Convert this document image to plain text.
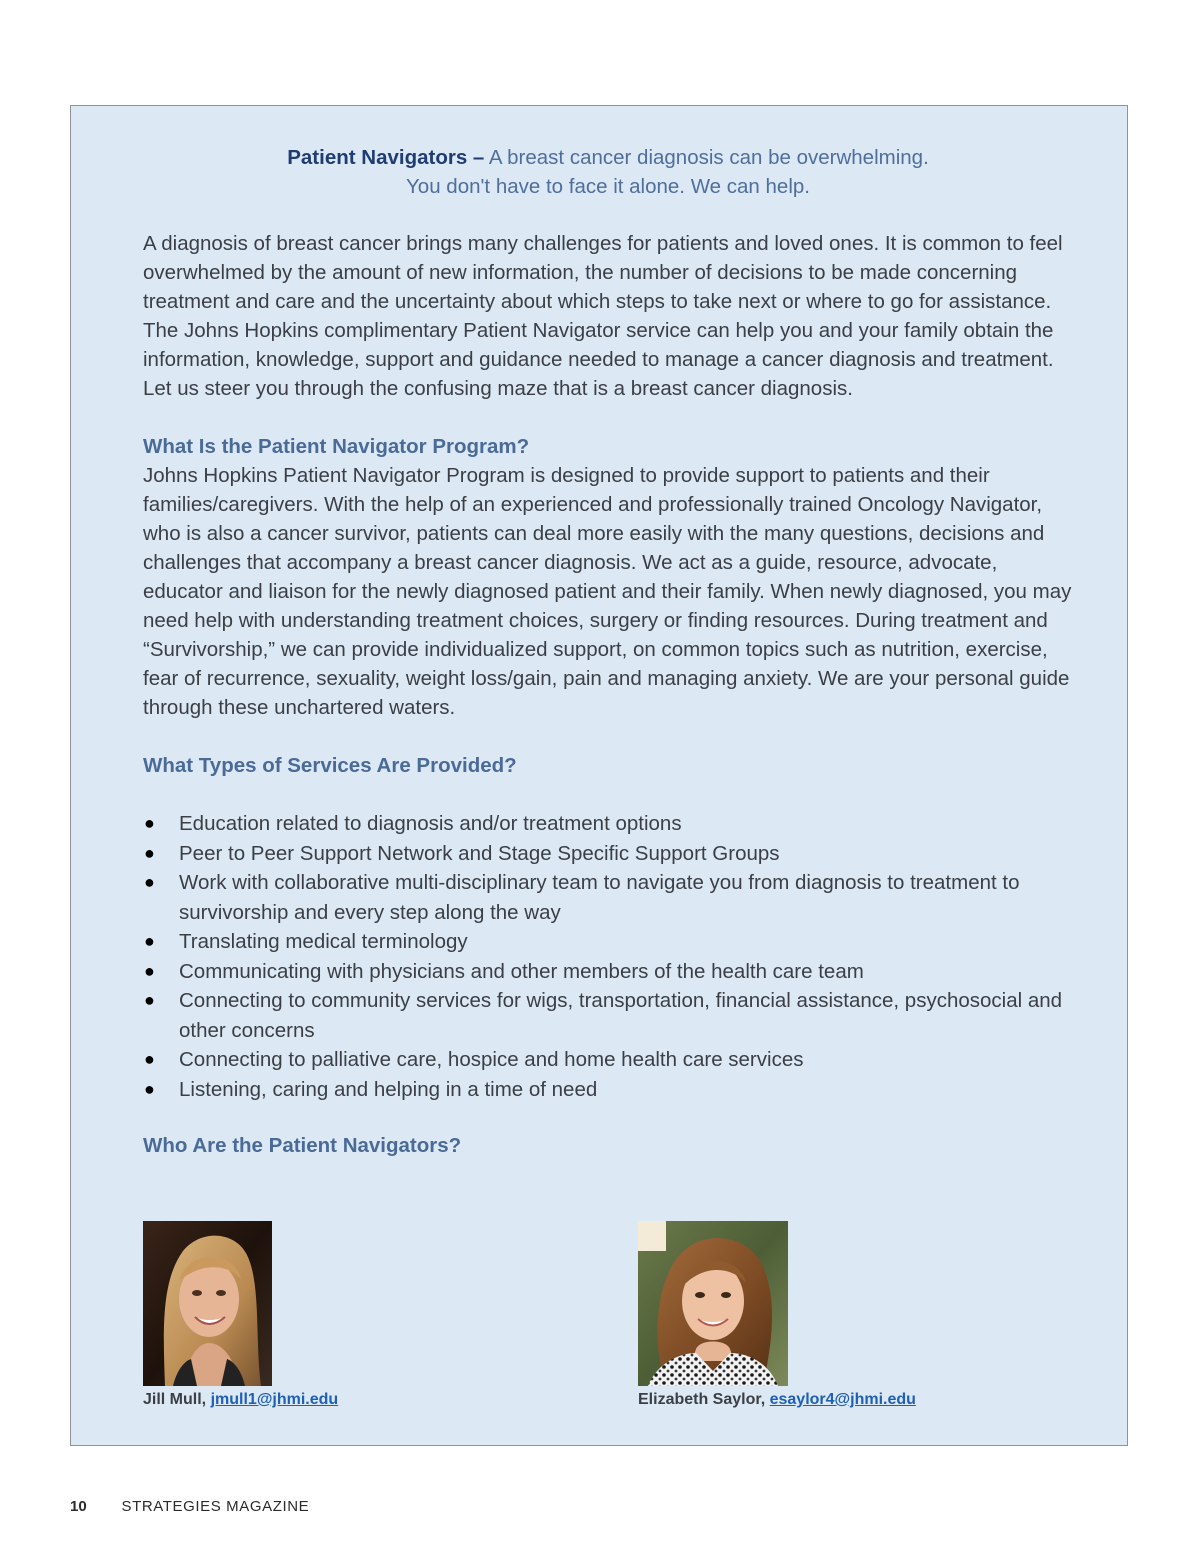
Patient Navigators – A breast cancer diagnosis can be overwhelming.
You don't have to face it alone. We can help.

A diagnosis of breast cancer brings many challenges for patients and loved ones. It is common to feel overwhelmed by the amount of new information, the number of decisions to be made concerning treatment and care and the uncertainty about which steps to take next or where to go for assistance. The Johns Hopkins complimentary Patient Navigator service can help you and your family obtain the information, knowledge, support and guidance needed to manage a cancer diagnosis and treatment. Let us steer you through the confusing maze that is a breast cancer diagnosis.

What Is the Patient Navigator Program?

Johns Hopkins Patient Navigator Program is designed to provide support to patients and their families/caregivers. With the help of an experienced and professionally trained Oncology Navigator, who is also a cancer survivor, patients can deal more easily with the many questions, decisions and challenges that accompany a breast cancer diagnosis. We act as a guide, resource, advocate, educator and liaison for the newly diagnosed patient and their family. When newly diagnosed, you may need help with understanding treatment choices, surgery or finding resources. During treatment and “Survivorship,” we can provide individualized support, on common topics such as nutrition, exercise, fear of recurrence, sexuality, weight loss/gain, pain and managing anxiety. We are your personal guide through these unchartered waters.

What Types of Services Are Provided?

● Education related to diagnosis and/or treatment options
● Peer to Peer Support Network and Stage Specific Support Groups
● Work with collaborative multi-disciplinary team to navigate you from diagnosis to treatment to survivorship and every step along the way
● Translating medical terminology
● Communicating with physicians and other members of the health care team
● Connecting to community services for wigs, transportation, financial assistance, psychosocial and other concerns
● Connecting to palliative care, hospice and home health care services
● Listening, caring and helping in a time of need

Who Are the Patient Navigators?

Jill Mull, jmull1@jhmi.edu	Elizabeth Saylor, esaylor4@jhmi.edu
10 STRATEGIES MAGAZINE
